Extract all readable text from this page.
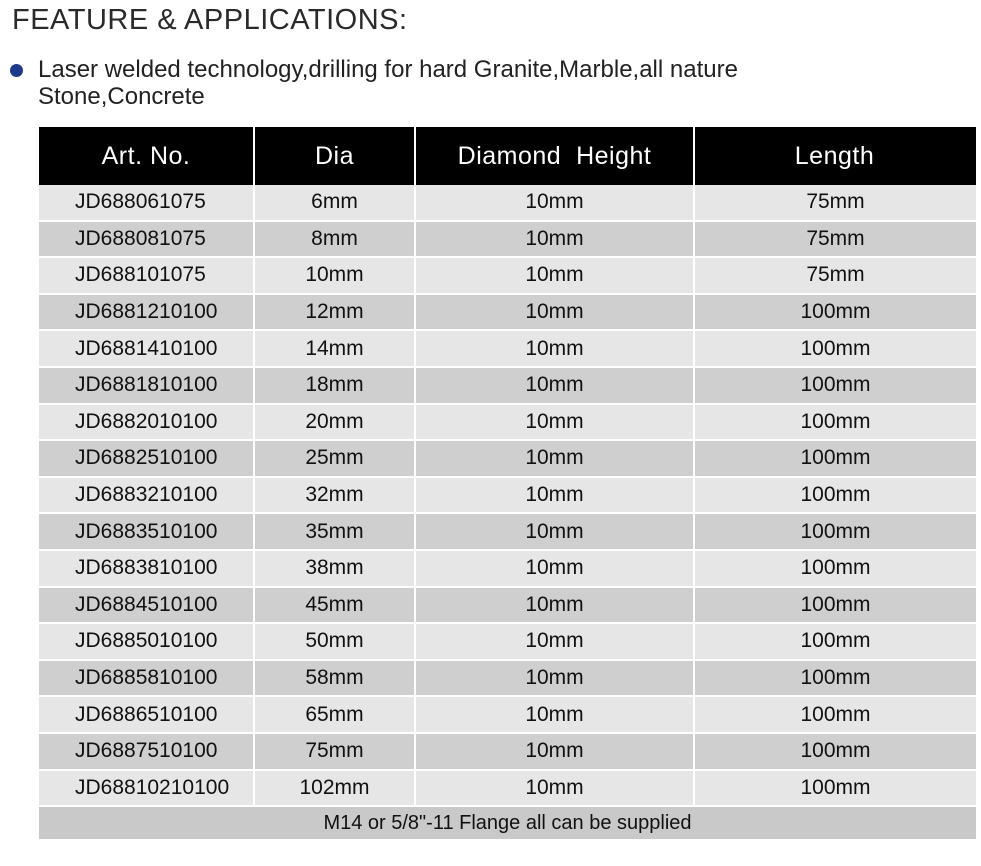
FEATURE & APPLICATIONS:
Laser welded technology,drilling for hard Granite,Marble,all nature Stone,Concrete
Art. No.	Dia	Diamond  Height	Length
JD688061075	6mm	10mm	75mm
JD688081075	8mm	10mm	75mm
JD688101075	10mm	10mm	75mm
JD6881210100	12mm	10mm	100mm
JD6881410100	14mm	10mm	100mm
JD6881810100	18mm	10mm	100mm
JD6882010100	20mm	10mm	100mm
JD6882510100	25mm	10mm	100mm
JD6883210100	32mm	10mm	100mm
JD6883510100	35mm	10mm	100mm
JD6883810100	38mm	10mm	100mm
JD6884510100	45mm	10mm	100mm
JD6885010100	50mm	10mm	100mm
JD6885810100	58mm	10mm	100mm
JD6886510100	65mm	10mm	100mm
JD6887510100	75mm	10mm	100mm
JD68810210100	102mm	10mm	100mm
M14 or 5/8"-11 Flange all can be supplied			
